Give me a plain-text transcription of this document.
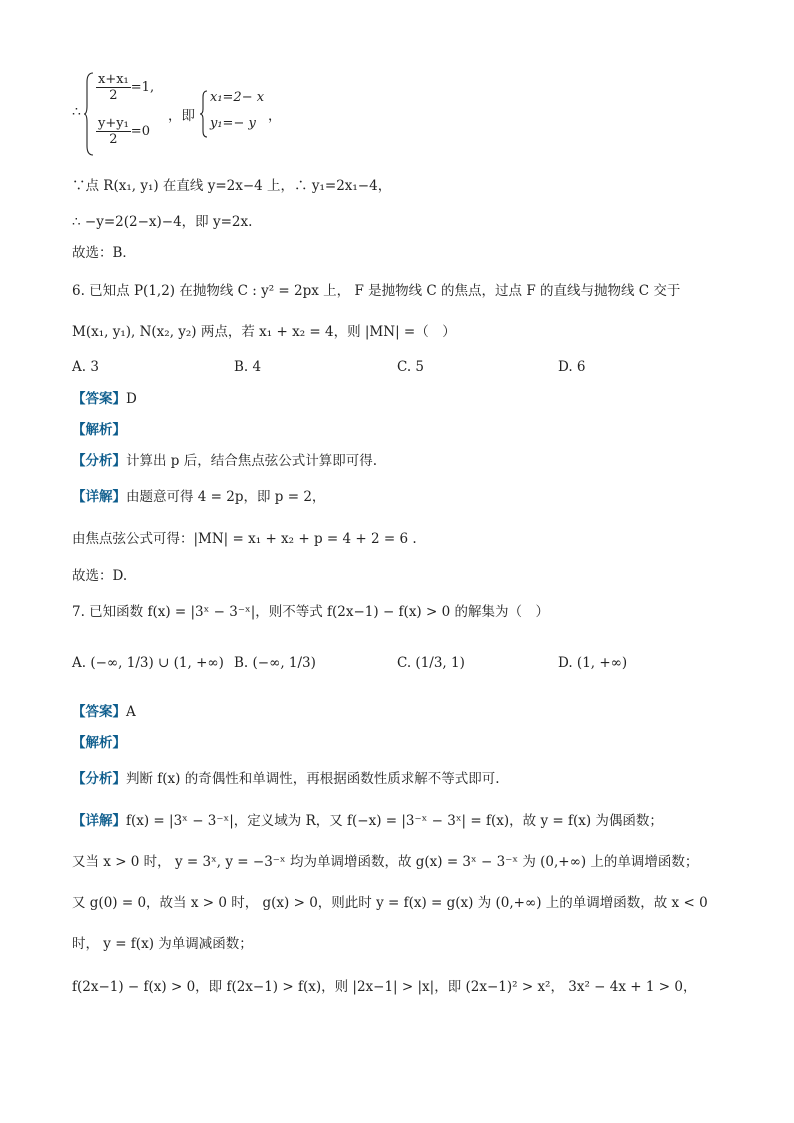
∴
$\frac{\text{x+x₁}}{2} =1$,
$\frac{\text{y+y₁}}{2} =0$
，即
x₁=2− x
y₁=− y ，
∵点 R(x₁, y₁) 在直线 y=2x−4 上，∴ y₁=2x₁−4，
∴ −y=2(2−x)−4，即 y=2x.
故选：B．
6. 已知点 P(1,2) 在抛物线 C : y² = 2px 上， F 是抛物线 C 的焦点，过点 F 的直线与抛物线 C 交于
M(x₁, y₁), N(x₂, y₂) 两点，若 x₁ + x₂ = 4，则 |MN| =（　）
A. 3	B. 4	C. 5	D. 6
【答案】D
【解析】
【分析】计算出 p 后，结合焦点弦公式计算即可得.
【详解】由题意可得 4 = 2p，即 p = 2，
由焦点弦公式可得：|MN| = x₁ + x₂ + p = 4 + 2 = 6 .
故选：D.
7. 已知函数 f(x) = |3ˣ − 3⁻ˣ|，则不等式 f(2x−1) − f(x) > 0 的解集为（　）
A. (−∞, 1/3) ∪ (1, +∞) B. (−∞, 1/3)	C. (1/3, 1)	D. (1, +∞)
【答案】A
【解析】
【分析】判断 f(x) 的奇偶性和单调性，再根据函数性质求解不等式即可.
【详解】f(x) = |3ˣ − 3⁻ˣ|，定义域为 R，又 f(−x) = |3⁻ˣ − 3ˣ| = f(x)，故 y = f(x) 为偶函数；
又当 x > 0 时， y = 3ˣ, y = −3⁻ˣ 均为单调增函数，故 g(x) = 3ˣ − 3⁻ˣ 为 (0,+∞) 上的单调增函数；
又 g(0) = 0，故当 x > 0 时， g(x) > 0，则此时 y = f(x) = g(x) 为 (0,+∞) 上的单调增函数，故 x < 0
时， y = f(x) 为单调减函数；
f(2x−1) − f(x) > 0，即 f(2x−1) > f(x)，则 |2x−1| > |x|，即 (2x−1)² > x²， 3x² − 4x + 1 > 0，
